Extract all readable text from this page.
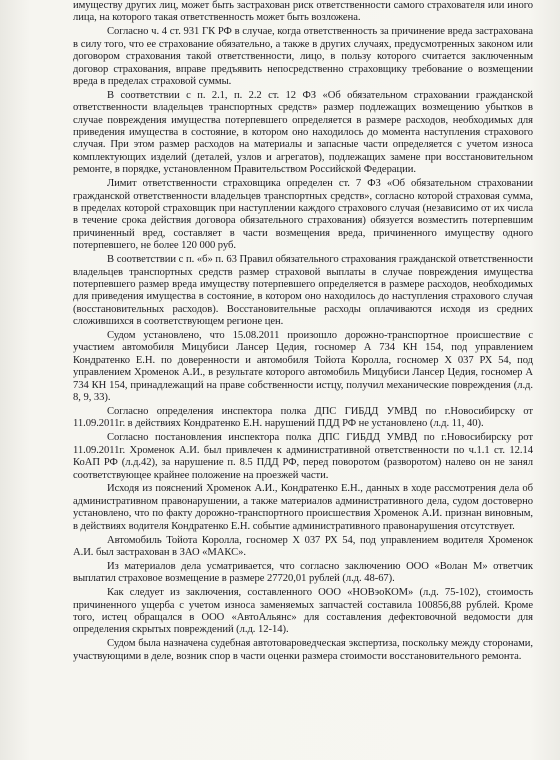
имуществу других лиц, может быть застрахован риск ответственности самого страхователя или иного лица, на которого такая ответственность может быть возложена.

Согласно ч. 4 ст. 931 ГК РФ в случае, когда ответственность за причинение вреда застрахована в силу того, что ее страхование обязательно, а также в других случаях, предусмотренных законом или договором страхования такой ответственности, лицо, в пользу которого считается заключенным договор страхования, вправе предъявить непосредственно страховщику требование о возмещении вреда в пределах страховой суммы.

В соответствии с п. 2.1, п. 2.2 ст. 12 ФЗ «Об обязательном страховании гражданской ответственности владельцев транспортных средств» размер подлежащих возмещению убытков в случае повреждения имущества потерпевшего определяется в размере расходов, необходимых для приведения имущества в состояние, в котором оно находилось до момента наступления страхового случая. При этом размер расходов на материалы и запасные части определяется с учетом износа комплектующих изделий (деталей, узлов и агрегатов), подлежащих замене при восстановительном ремонте, в порядке, установленном Правительством Российской Федерации.

Лимит ответственности страховщика определен ст. 7 ФЗ «Об обязательном страховании гражданской ответственности владельцев транспортных средств», согласно которой страховая сумма, в пределах которой страховщик при наступлении каждого страхового случая (независимо от их числа в течение срока действия договора обязательного страхования) обязуется возместить потерпевшим причиненный вред, составляет в части возмещения вреда, причиненного имуществу одного потерпевшего, не более 120 000 руб.

В соответствии с п. «б» п. 63 Правил обязательного страхования гражданской ответственности владельцев транспортных средств размер страховой выплаты в случае повреждения имущества потерпевшего размер вреда имуществу потерпевшего определяется в размере расходов, необходимых для приведения имущества в состояние, в котором оно находилось до наступления страхового случая (восстановительных расходов). Восстановительные расходы оплачиваются исходя из средних сложившихся в соответствующем регионе цен.

Судом установлено, что 15.08.2011 произошло дорожно-транспортное происшествие с участием автомобиля Мицубиси Лансер Цедия, госномер А 734 КН 154, под управлением Кондратенко Е.Н. по доверенности и автомобиля Тойота Королла, госномер Х 037 РХ 54, под управлением Хроменок А.И., в результате которого автомобиль Мицубиси Лансер Цедия, госномер А 734 КН 154, принадлежащий на праве собственности истцу, получил механические повреждения (л.д. 8, 9, 33).

Согласно определения инспектора полка ДПС ГИБДД УМВД по г.Новосибирску от 11.09.2011г. в действиях Кондратенко Е.Н. нарушений ПДД РФ не установлено (л.д. 11, 40).

Согласно постановления инспектора полка ДПС ГИБДД УМВД по г.Новосибирску рот 11.09.2011г. Хроменок А.И. был привлечен к административной ответственности по ч.1.1 ст. 12.14 КоАП РФ (л.д.42), за нарушение п. 8.5 ПДД РФ, перед поворотом (разворотом) налево он не занял соответствующее крайнее положение на проезжей части.

Исходя из пояснений Хроменок А.И., Кондратенко Е.Н., данных в ходе рассмотрения дела об административном правонарушении, а также материалов административного дела, судом достоверно установлено, что по факту дорожно-транспортного происшествия Хроменок А.И. признан виновным, в действиях водителя Кондратенко Е.Н. событие административного правонарушения отсутствует.

Автомобиль Тойота Королла, госномер Х 037 РХ 54, под управлением водителя Хроменок А.И. был застрахован в ЗАО «МАКС».

Из материалов дела усматривается, что согласно заключению ООО «Волан М» ответчик выплатил страховое возмещение в размере 27720,01 рублей (л.д. 48-67).

Как следует из заключения, составленного ООО «НОВэоКОМ» (л.д. 75-102), стоимость причиненного ущерба с учетом износа заменяемых запчастей составила 100856,88 рублей. Кроме того, истец обращался в ООО «АвтоАльянс» для составления дефектовочной ведомости для определения скрытых повреждений (л.д. 12-14).

Судом была назначена судебная автотовароведческая экспертиза, поскольку между сторонами, участвующими в деле, возник спор в части оценки размера стоимости восстановительного ремонта.
